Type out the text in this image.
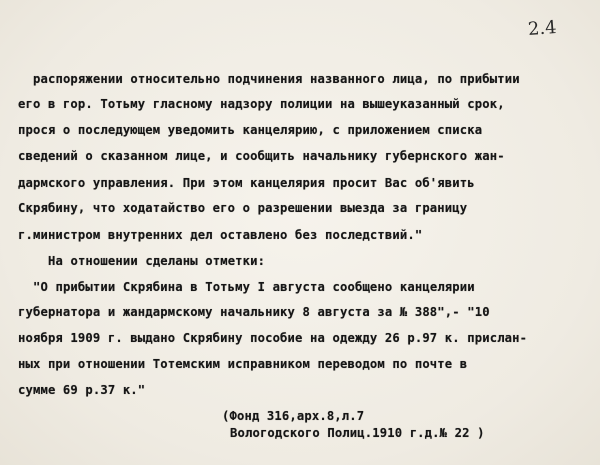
2.4
распоряжении относительно подчинения названного лица, по прибытии
его в гор. Тотьму гласному надзору полиции на вышеуказанный срок,
прося о последующем уведомить канцелярию, с приложением списка
сведений о сказанном лице, и сообщить начальнику губернского жан-
дармского управления. При этом канцелярия просит Вас об'явить
Скрябину, что ходатайство его о разрешении выезда за границу
г.министром внутренних дел оставлено без последствий."
На отношении сделаны отметки:
"О прибытии Скрябина в Тотьму I августа сообщено канцелярии
губернатора и жандармскому начальнику 8 августа за № 388",- "10
ноября 1909 г. выдано Скрябину пособие на одежду 26 р.97 к. прислан-
ных при отношении Тотемским исправником переводом по почте в
сумме 69 р.37 к."
(Фонд 316,арх.8,л.7
Вологодского Полиц.1910 г.д.№ 22 )
